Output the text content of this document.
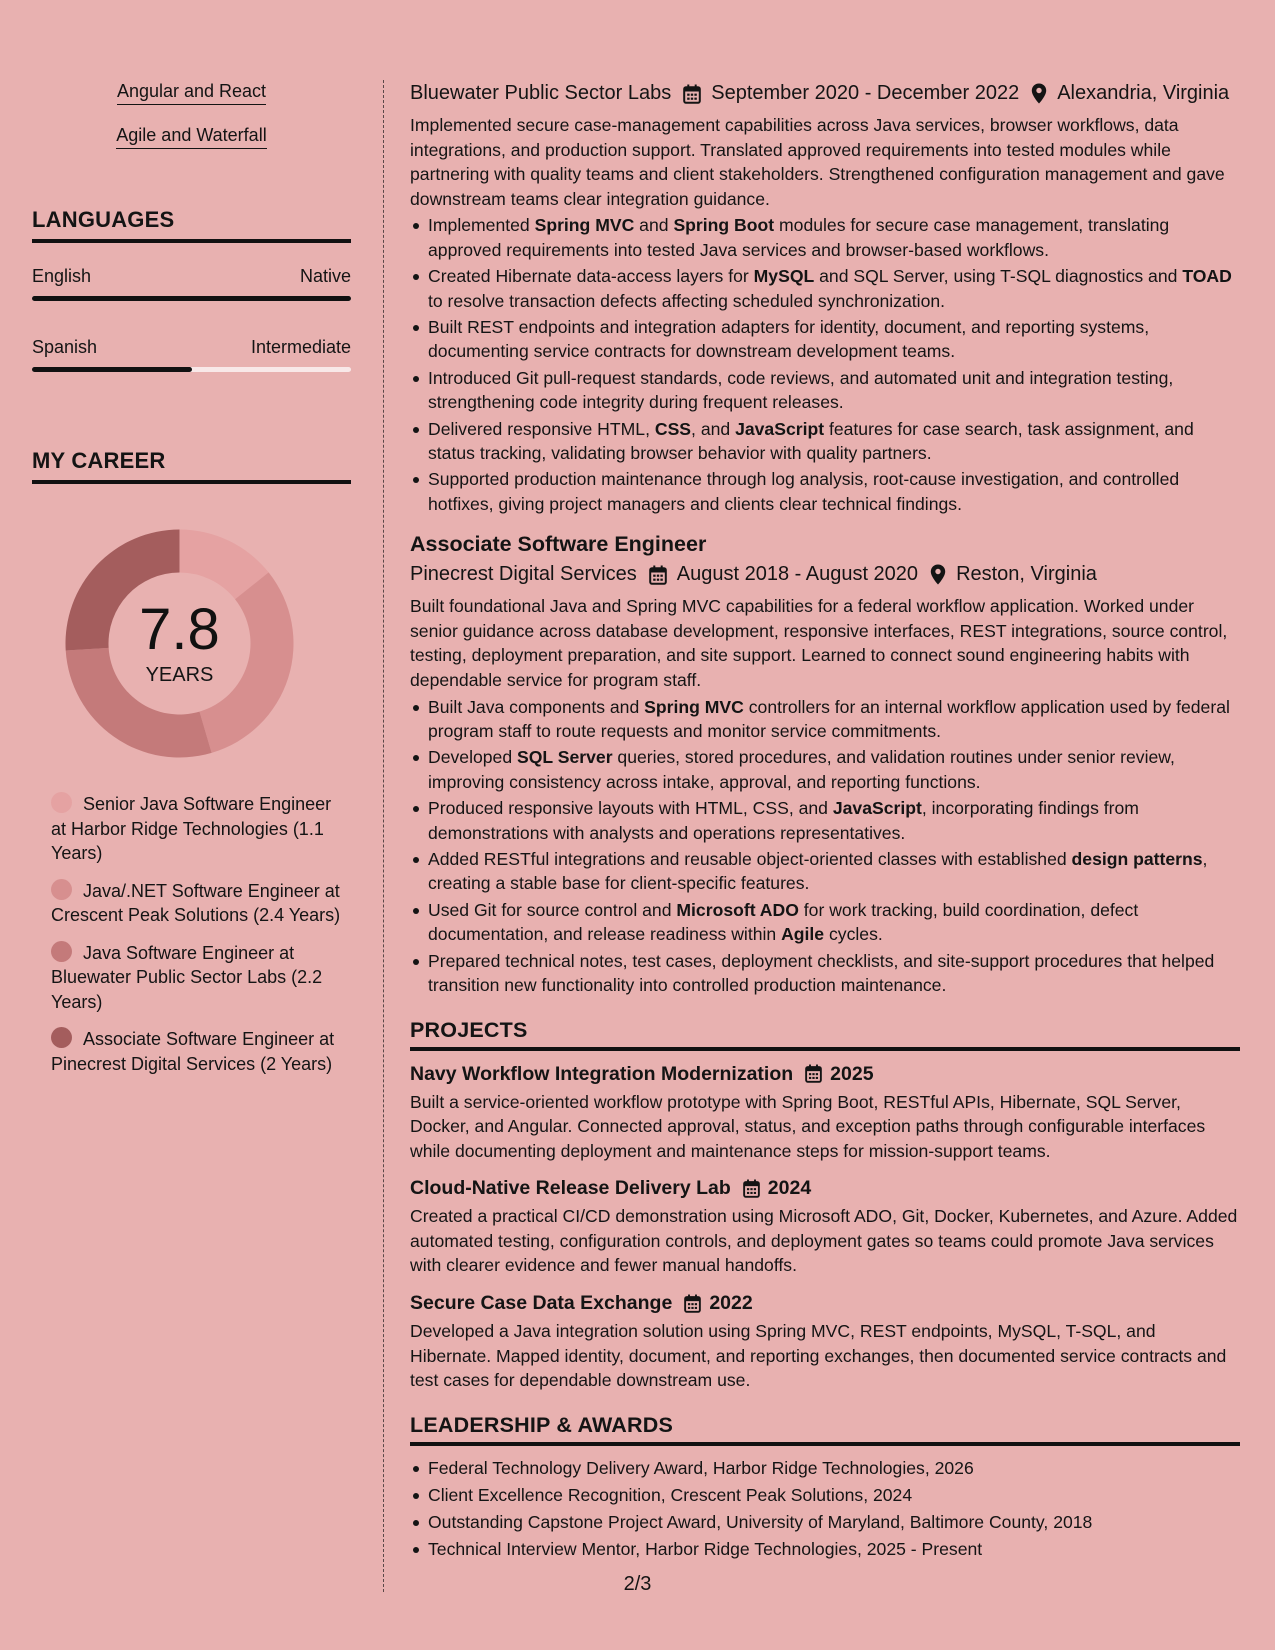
Angular and React
Agile and Waterfall
LANGUAGES
English	Native
Spanish	Intermediate
MY CAREER
7.8
YEARS
Senior Java Software Engineer at Harbor Ridge Technologies (1.1 Years)
Java/.NET Software Engineer at Crescent Peak Solutions (2.4 Years)
Java Software Engineer at Bluewater Public Sector Labs (2.2 Years)
Associate Software Engineer at Pinecrest Digital Services (2 Years)
Bluewater Public Sector Labs September 2020 - December 2022 Alexandria, Virginia

Implemented secure case-management capabilities across Java services, browser workflows, data integrations, and production support. Translated approved requirements into tested modules while partnering with quality teams and client stakeholders. Strengthened configuration management and gave downstream teams clear integration guidance.

Implemented Spring MVC and Spring Boot modules for secure case management, translating approved requirements into tested Java services and browser-based workflows.
Created Hibernate data-access layers for MySQL and SQL Server, using T-SQL diagnostics and TOAD to resolve transaction defects affecting scheduled synchronization.
Built REST endpoints and integration adapters for identity, document, and reporting systems, documenting service contracts for downstream development teams.
Introduced Git pull-request standards, code reviews, and automated unit and integration testing, strengthening code integrity during frequent releases.
Delivered responsive HTML, CSS, and JavaScript features for case search, task assignment, and status tracking, validating browser behavior with quality partners.
Supported production maintenance through log analysis, root-cause investigation, and controlled hotfixes, giving project managers and clients clear technical findings.
Associate Software Engineer
Pinecrest Digital Services August 2018 - August 2020 Reston, Virginia

Built foundational Java and Spring MVC capabilities for a federal workflow application. Worked under senior guidance across database development, responsive interfaces, REST integrations, source control, testing, deployment preparation, and site support. Learned to connect sound engineering habits with dependable service for program staff.

Built Java components and Spring MVC controllers for an internal workflow application used by federal program staff to route requests and monitor service commitments.
Developed SQL Server queries, stored procedures, and validation routines under senior review, improving consistency across intake, approval, and reporting functions.
Produced responsive layouts with HTML, CSS, and JavaScript, incorporating findings from demonstrations with analysts and operations representatives.
Added RESTful integrations and reusable object-oriented classes with established design patterns, creating a stable base for client-specific features.
Used Git for source control and Microsoft ADO for work tracking, build coordination, defect documentation, and release readiness within Agile cycles.
Prepared technical notes, test cases, deployment checklists, and site-support procedures that helped transition new functionality into controlled production maintenance.
PROJECTS
Navy Workflow Integration Modernization 2025

Built a service-oriented workflow prototype with Spring Boot, RESTful APIs, Hibernate, SQL Server, Docker, and Angular. Connected approval, status, and exception paths through configurable interfaces while documenting deployment and maintenance steps for mission-support teams.

Cloud-Native Release Delivery Lab 2024

Created a practical CI/CD demonstration using Microsoft ADO, Git, Docker, Kubernetes, and Azure. Added automated testing, configuration controls, and deployment gates so teams could promote Java services with clearer evidence and fewer manual handoffs.

Secure Case Data Exchange 2022

Developed a Java integration solution using Spring MVC, REST endpoints, MySQL, T-SQL, and Hibernate. Mapped identity, document, and reporting exchanges, then documented service contracts and test cases for dependable downstream use.

LEADERSHIP & AWARDS
Federal Technology Delivery Award, Harbor Ridge Technologies, 2026
Client Excellence Recognition, Crescent Peak Solutions, 2024
Outstanding Capstone Project Award, University of Maryland, Baltimore County, 2018
Technical Interview Mentor, Harbor Ridge Technologies, 2025 - Present
2/3
